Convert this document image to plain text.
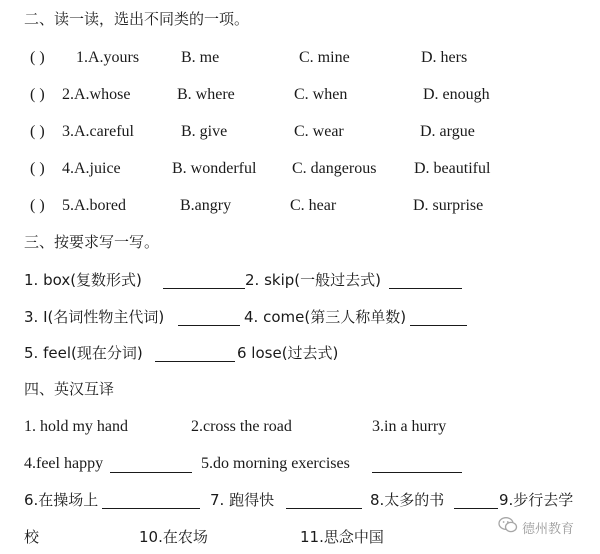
二、读一读，选出不同类的一项。
( ) 1.A.yours	B. me	C. mine	D. hers
( ) 2.A.whose	B. where	C. when	D. enough
( ) 3.A.careful	B. give	C. wear	D. argue
( ) 4.A.juice	B. wonderful C. dangerous D. beautiful
( ) 5.A.bored	B.angry	C. hear	D. surprise
三、按要求写一写。
1. box(复数形式)	2. skip(一般过去式)
3. I(名词性物主代词)	4. come(第三人称单数)
5. feel(现在分词)	6 lose(过去式)
四、英汉互译
1. hold my hand	2.cross the road	3.in a hurry
4.feel happy	5.do morning exercises
6.在操场上	7. 跑得快	8.太多的书	9.步行去学
校	10.在农场	11.思念中国	德州教育
